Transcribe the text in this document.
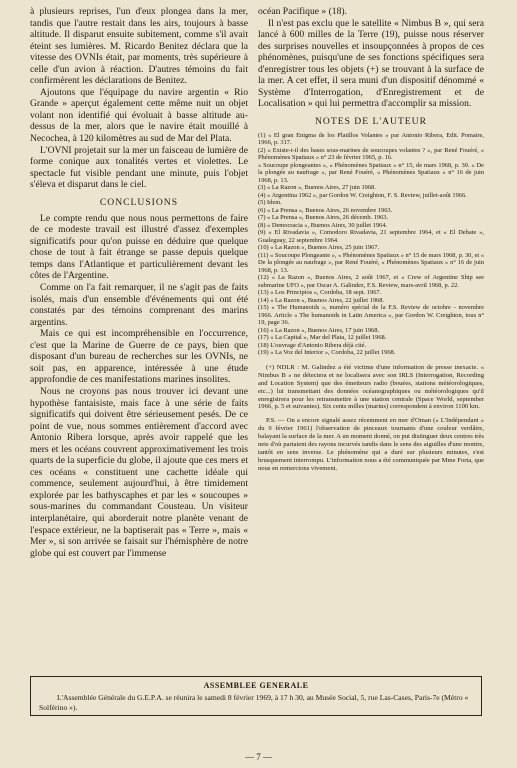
à plusieurs reprises, l'un d'eux plongea dans la mer, tandis que l'autre restait dans les airs, toujours à basse altitude. Il disparut ensuite subitement, comme s'il avait éteint ses lumières. M. Ricardo Benitez déclara que la vitesse des OVNIs était, par moments, très supérieure à celle d'un avion à réaction. D'autres témoins du fait confirmèrent les déclarations de Benitez.

Ajoutons que l'équipage du navire argentin « Rio Grande » aperçut également cette même nuit un objet volant non identifié qui évoluait à basse altitude au-dessus de la mer, alors que le navire était mouillé à Necochea, à 120 kilomètres au sud de Mar del Plata.

L'OVNI projetait sur la mer un faisceau de lumière de forme conique aux tonalités vertes et violettes. Le spectacle fut visible pendant une minute, puis l'objet s'éleva et disparut dans le ciel.

CONCLUSIONS

Le compte rendu que nous nous permettons de faire de ce modeste travail est illustré d'assez d'exemples significatifs pour qu'on puisse en déduire que quelque chose de tout à fait étrange se passe depuis quelque temps dans l'Atlantique et particulièrement devant les côtes de l'Argentine.

Comme on l'a fait remarquer, il ne s'agit pas de faits isolés, mais d'un ensemble d'événements qui ont été constatés par des témoins comprenant des marins argentins.

Mais ce qui est incompréhensible en l'occurrence, c'est que la Marine de Guerre de ce pays, bien que disposant d'un bureau de recherches sur les OVNIs, ne soit pas, en apparence, intéressée à une étude approfondie de ces manifestations marines insolites.

Nous ne croyons pas nous trouver ici devant une hypothèse fantaisiste, mais face à une série de faits significatifs qui doivent être sérieusement pesés. De ce point de vue, nous sommes entièrement d'accord avec Antonio Ribera lorsque, après avoir rappelé que les mers et les océans couvrent approximativement les trois quarts de la superficie du globe, il ajoute que ces mers et ces océans « constituent une cachette idéale qui commence, seulement aujourd'hui, à être timidement explorée par les bathyscaphes et par les « soucoupes » sous-marines du commandant Cousteau. Un visiteur interplanétaire, qui aborderait notre planète venant de l'espace extérieur, ne la baptiserait pas « Terre », mais « Mer », si son arrivée se faisait sur l'hémisphère de notre globe qui est couvert par l'immense

océan Pacifique » (18).

Il n'est pas exclu que le satellite « Nimbus B », qui sera lancé à 600 milles de la Terre (19), puisse nous réserver des surprises nouvelles et insoupçonnées à propos de ces phénomènes, puisqu'une de ses fonctions spécifiques sera d'enregistrer tous les objets (+) se trouvant à la surface de la mer. A cet effet, il sera muni d'un dispositif dénommé « Système d'Interrogation, d'Enregistrement et de Localisation » qui lui permettra d'accomplir sa mission.

NOTES DE L'AUTEUR
(1) « El gran Enigma de los Platillos Volantes » par Antonio Ribera, Edit. Pomaire, 1966, p. 317.
(2) « Existe-t-il des bases sous-marines de soucoupes volantes ? », par René Fouéré, « Phénomènes Spatiaux » n° 23 de février 1965, p. 16.
« Soucoupe plongeantes », « Phénomènes Spatiaux » n° 15, de mars 1968, p. 30. « De la plongée au naufrage », par René Fouéré, « Phénomènes Spatiaux » n° 16 de juin 1968, p. 13.
(3) « La Razon », Buenos Aires, 27 juin 1968.
(4) « Argentina 1962 », par Gordon W. Creighton, F. S. Review, juillet-août 1966.
(5) Idem.
(6) « La Prensa », Buenos Aires, 26 novembre 1963.
(7) « La Prensa », Buenos Aires, 26 décemb. 1963.
(8) « Democracia », Buenos Aires, 30 juillet 1964.
(9) « El Rivadavia », Comodoro Rivadavia, 21 septembre 1964, et « El Debate », Gualeguay, 22 septembre 1964.
(10) « La Razon », Buenos Aires, 25 juin 1967.
(11) « Soucoupe Plongeante », « Phénomènes Spatiaux » n° 15 de mars 1968, p. 30, et « De la plongée au naufrage », par René Fouéré, « Phénomènes Spatiaux » n° 16 de juin 1968, p. 13.
(12) « La Razon », Buenos Aires, 2 août 1967, et « Crew of Argentine Ship see submarine UFO », par Oscar A. Galindez, F.S. Review, mars-avril 1968, p. 22.
(13) « Los Principios », Cordoba, 18 sept. 1967.
(14) « La Razon », Buenos Aires, 22 juillet 1968.
(15) « The Humanoids », numéro spécial de la F.S. Review de octobre - novembre 1966. Article « The humanoids in Latin America », par Gordon W. Creighton, tous n° 19, page 36.
(16) « La Razon », Buenos Aires, 17 juin 1968.
(17) « La Capital », Mar del Plata, 12 juillet 1968.
(18) L'ouvrage d'Antonio Ribera déjà cité.
(19) « La Voz del Interior », Cordoba, 22 juillet 1968.

(+) NDLR : M. Galindez a été victime d'une information de presse inexacte. « Nimbus B » ne détectera et ne localisera avec son IRLS (Interrogation, Recording and Location System) que des émetteurs radio (bouées, stations météorologiques, etc...) lui transmettant des données océanographiques ou météorologiques qu'il enregistrera pour les retransmettre à une station centrale (Space World, september 1966, p. 5 et suivantes). Six cents milles (marins) correspondent à environ 1100 km.

P.S. — On a encore signalé assez récemment en mer d'Oman (« L'Indépendant » du 9 février 1961) l'observation de pinceaux tournants d'une couleur verdâtre, balayant la surface de la mer. A un moment donné, on put distinguer deux centres très nets d'où partaient des rayons incurvés tandis dans le sens des aiguilles d'une montre, tantôt en sens inverse. Le phénomène qui a duré sur plusieurs minutes, s'est brusquement interrompu. L'information nous a été communiquée par Mme Forta, que nous en remercions vivement.

ASSEMBLEE GENERALE

L'Assemblée Générale du G.E.P.A. se réunira le samedi 8 février 1969, à 17 h 30, au Musée Social, 5, rue Las-Cases, Paris-7e (Métro « Solférino »).

— 7 —
